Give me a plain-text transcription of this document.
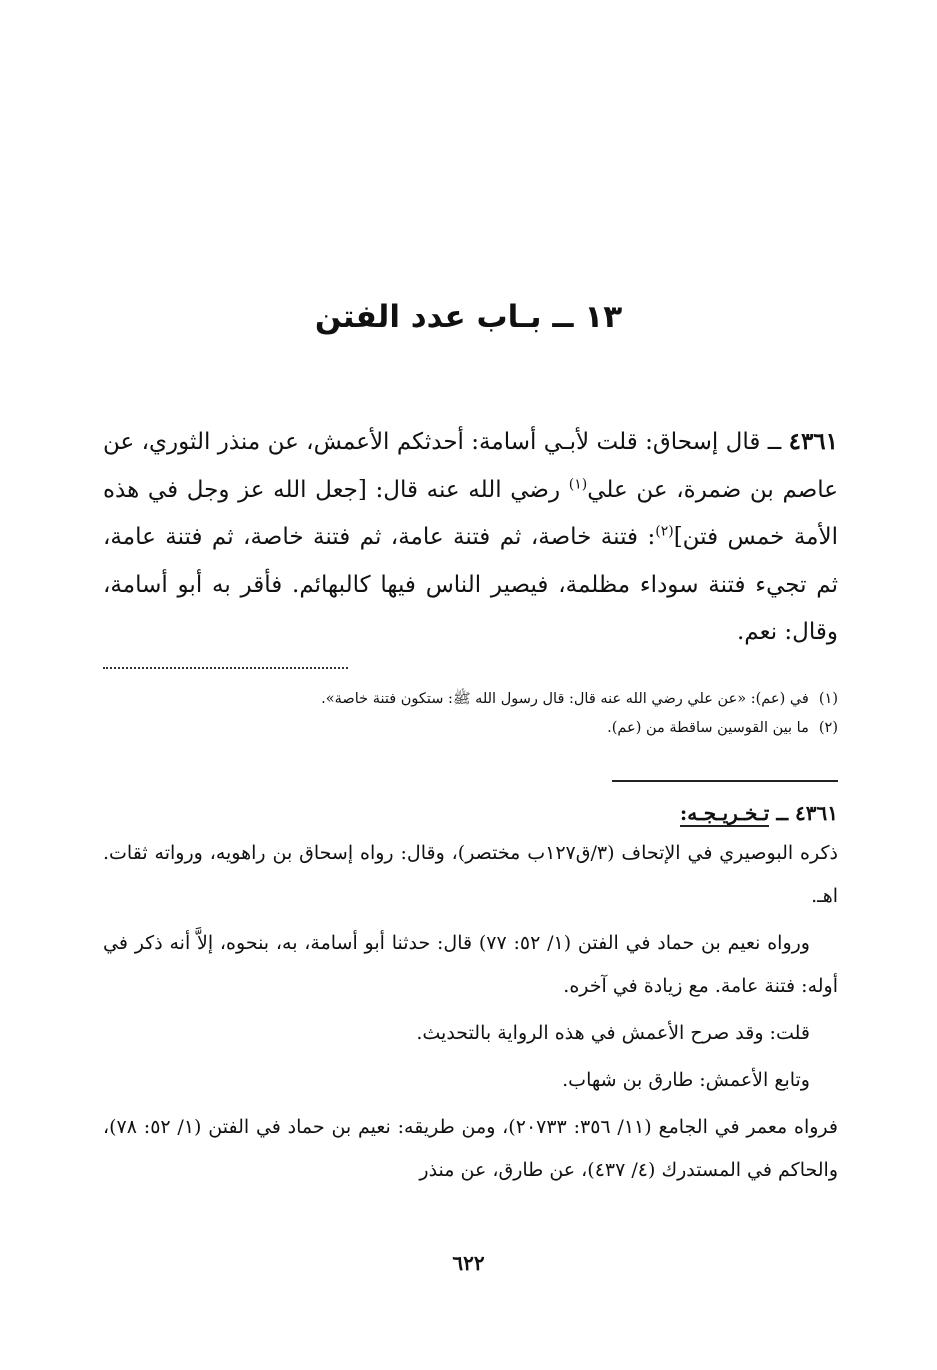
١٣ ــ بـاب عدد الفتن

٤٣٦١ ــ قال إسحاق: قلت لأبـي أسامة: أحدثكم الأعمش، عن منذر الثوري، عن عاصم بن ضمرة، عن علي$^{(١)}$ رضي الله عنه قال: [جعل الله عز وجل في هذه الأمة خمس فتن]$^{(٢)}$: فتنة خاصة، ثم فتنة عامة، ثم فتنة خاصة، ثم فتنة عامة، ثم تجيء فتنة سوداء مظلمة، فيصير الناس فيها كالبهائم. فأقر به أبو أسامة، وقال: نعم.

(١)
في (عم): «عن علي رضي الله عنه قال: قال رسول الله ﷺ: ستكون فتنة خاصة».
(٢)
ما بين القوسين ساقطة من (عم).
٤٣٦١ ــ تـخـريـجـه:

ذكره البوصيري في الإتحاف (٣/ق١٢٧ب مختصر)، وقال: رواه إسحاق بن راهويه، ورواته ثقات. اهـ.

ورواه نعيم بن حماد في الفتن (١/ ٥٢: ٧٧) قال: حدثنا أبو أسامة، به، بنحوه، إلاَّ أنه ذكر في أوله: فتنة عامة. مع زيادة في آخره.

قلت: وقد صرح الأعمش في هذه الرواية بالتحديث.

وتابع الأعمش: طارق بن شهاب.

فرواه معمر في الجامع (١١/ ٣٥٦: ٢٠٧٣٣)، ومن طريقه: نعيم بن حماد في الفتن (١/ ٥٢: ٧٨)، والحاكم في المستدرك (٤/ ٤٣٧)، عن طارق، عن منذر

٦٢٢
